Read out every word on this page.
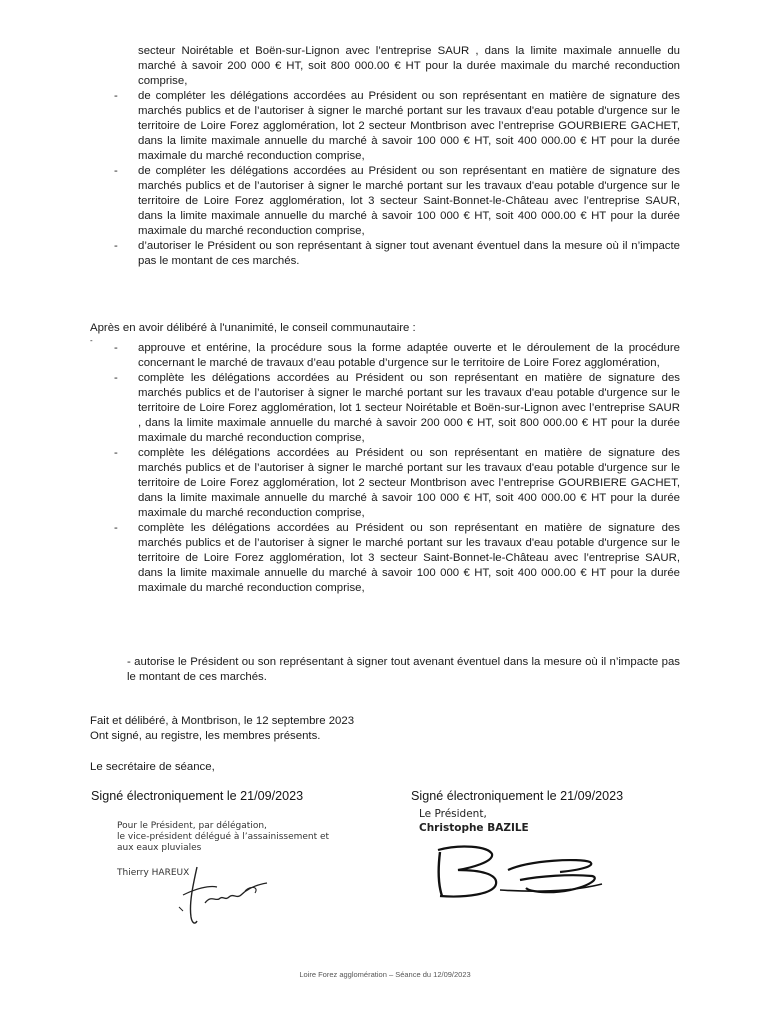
secteur Noirétable et Boën-sur-Lignon avec l’entreprise SAUR , dans la limite maximale annuelle du marché à savoir 200 000 € HT, soit 800 000.00 € HT pour la durée maximale du marché reconduction comprise,
- de compléter les délégations accordées au Président ou son représentant en matière de signature des marchés publics et de l’autoriser à signer le marché portant sur les travaux d'eau potable d'urgence sur le territoire de Loire Forez agglomération, lot 2 secteur Montbrison avec l’entreprise GOURBIERE GACHET, dans la limite maximale annuelle du marché à savoir 100 000 € HT, soit 400 000.00 € HT pour la durée maximale du marché reconduction comprise,
- de compléter les délégations accordées au Président ou son représentant en matière de signature des marchés publics et de l’autoriser à signer le marché portant sur les travaux d'eau potable d'urgence sur le territoire de Loire Forez agglomération, lot 3 secteur Saint-Bonnet-le-Château avec l’entreprise SAUR, dans la limite maximale annuelle du marché à savoir 100 000 € HT, soit 400 000.00 € HT pour la durée maximale du marché reconduction comprise,
- d’autoriser le Président ou son représentant à signer tout avenant éventuel dans la mesure où il n’impacte pas le montant de ces marchés.
Après en avoir délibéré à l'unanimité, le conseil communautaire :
-
- approuve et entérine, la procédure sous la forme adaptée ouverte et le déroulement de la procédure concernant le marché de travaux d’eau potable d’urgence sur le territoire de Loire Forez agglomération,
- complète les délégations accordées au Président ou son représentant en matière de signature des marchés publics et de l’autoriser à signer le marché portant sur les travaux d'eau potable d'urgence sur le territoire de Loire Forez agglomération, lot 1 secteur Noirétable et Boën-sur-Lignon avec l’entreprise SAUR , dans la limite maximale annuelle du marché à savoir 200 000 € HT, soit 800 000.00 € HT pour la durée maximale du marché reconduction comprise,
- complète les délégations accordées au Président ou son représentant en matière de signature des marchés publics et de l’autoriser à signer le marché portant sur les travaux d'eau potable d'urgence sur le territoire de Loire Forez agglomération, lot 2 secteur Montbrison avec l’entreprise GOURBIERE GACHET, dans la limite maximale annuelle du marché à savoir 100 000 € HT, soit 400 000.00 € HT pour la durée maximale du marché reconduction comprise,
- complète les délégations accordées au Président ou son représentant en matière de signature des marchés publics et de l’autoriser à signer le marché portant sur les travaux d'eau potable d'urgence sur le territoire de Loire Forez agglomération, lot 3 secteur Saint-Bonnet-le-Château avec l’entreprise SAUR, dans la limite maximale annuelle du marché à savoir 100 000 € HT, soit 400 000.00 € HT pour la durée maximale du marché reconduction comprise,
- autorise le Président ou son représentant à signer tout avenant éventuel dans la mesure où il n’impacte pas le montant de ces marchés.
Fait et délibéré, à Montbrison, le 12 septembre 2023
Ont signé, au registre, les membres présents.
Le secrétaire de séance,
Signé électroniquement le 21/09/2023	Signé électroniquement le 21/09/2023
Pour le Président, par délégation,
le vice-président délégué à l’assainissement et
aux eaux pluviales
Thierry HAREUX
Le Président,
Christophe BAZILE
Loire Forez agglomération – Séance du 12/09/2023
